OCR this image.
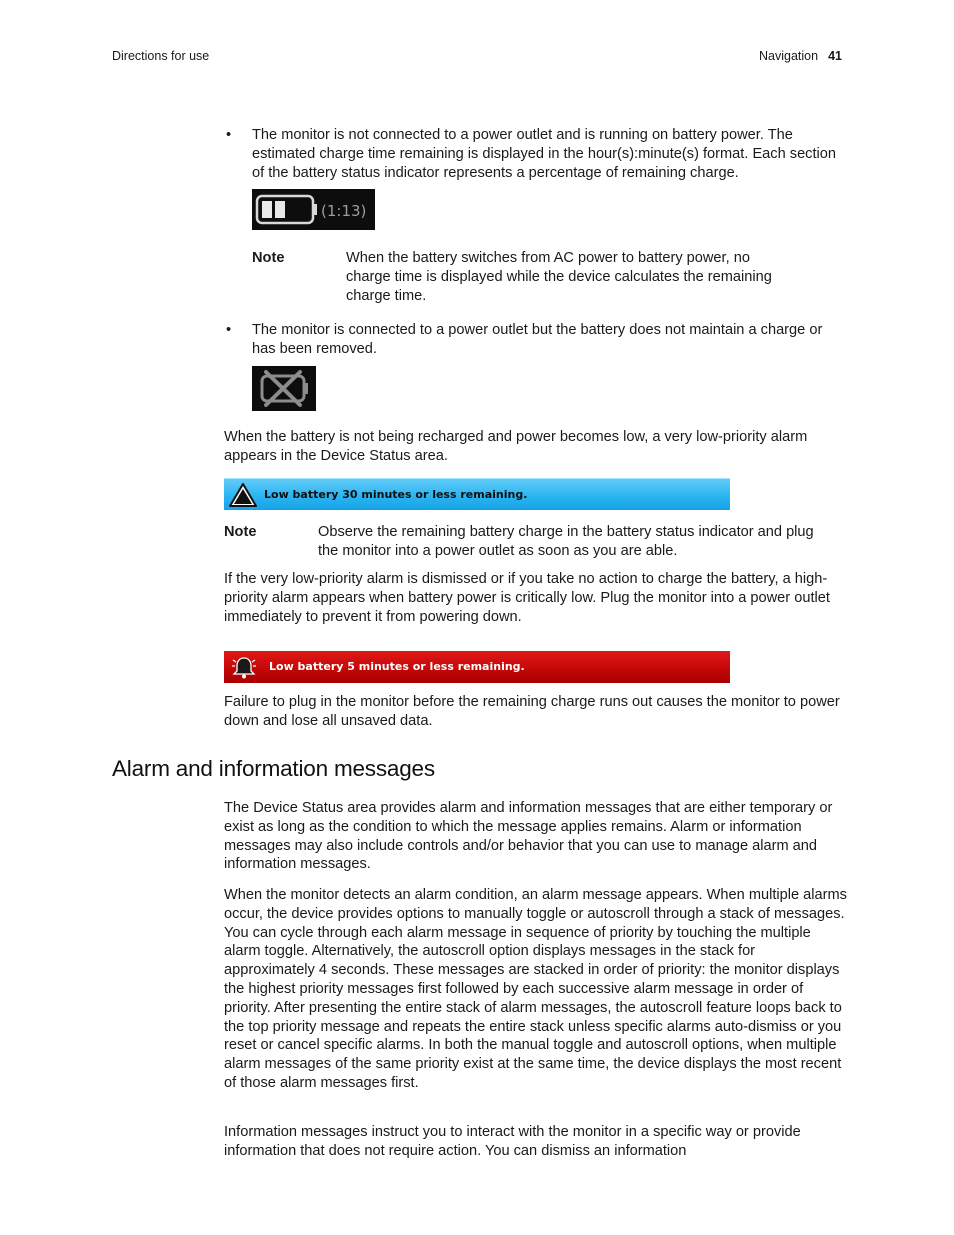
Directions for use	Navigation 41
• The monitor is not connected to a power outlet and is running on battery power. The estimated charge time remaining is displayed in the hour(s):minute(s) format. Each section of the battery status indicator represents a percentage of remaining charge.
(1:13)
Note	When the battery switches from AC power to battery power, no charge time is displayed while the device calculates the remaining charge time.
• The monitor is connected to a power outlet but the battery does not maintain a charge or has been removed.
When the battery is not being recharged and power becomes low, a very low-priority alarm appears in the Device Status area.
Low battery 30 minutes or less remaining.
Note	Observe the remaining battery charge in the battery status indicator and plug the monitor into a power outlet as soon as you are able.
If the very low-priority alarm is dismissed or if you take no action to charge the battery, a high-priority alarm appears when battery power is critically low. Plug the monitor into a power outlet immediately to prevent it from powering down.
Low battery 5 minutes or less remaining.
Failure to plug in the monitor before the remaining charge runs out causes the monitor to power down and lose all unsaved data.
Alarm and information messages
The Device Status area provides alarm and information messages that are either temporary or exist as long as the condition to which the message applies remains. Alarm or information messages may also include controls and/or behavior that you can use to manage alarm and information messages.
When the monitor detects an alarm condition, an alarm message appears. When multiple alarms occur, the device provides options to manually toggle or autoscroll through a stack of messages. You can cycle through each alarm message in sequence of priority by touching the multiple alarm toggle. Alternatively, the autoscroll option displays messages in the stack for approximately 4 seconds. These messages are stacked in order of priority: the monitor displays the highest priority messages first followed by each successive alarm message in order of priority. After presenting the entire stack of alarm messages, the autoscroll feature loops back to the top priority message and repeats the entire stack unless specific alarms auto-dismiss or you reset or cancel specific alarms. In both the manual toggle and autoscroll options, when multiple alarm messages of the same priority exist at the same time, the device displays the most recent of those alarm messages first.
Information messages instruct you to interact with the monitor in a specific way or provide information that does not require action. You can dismiss an information
